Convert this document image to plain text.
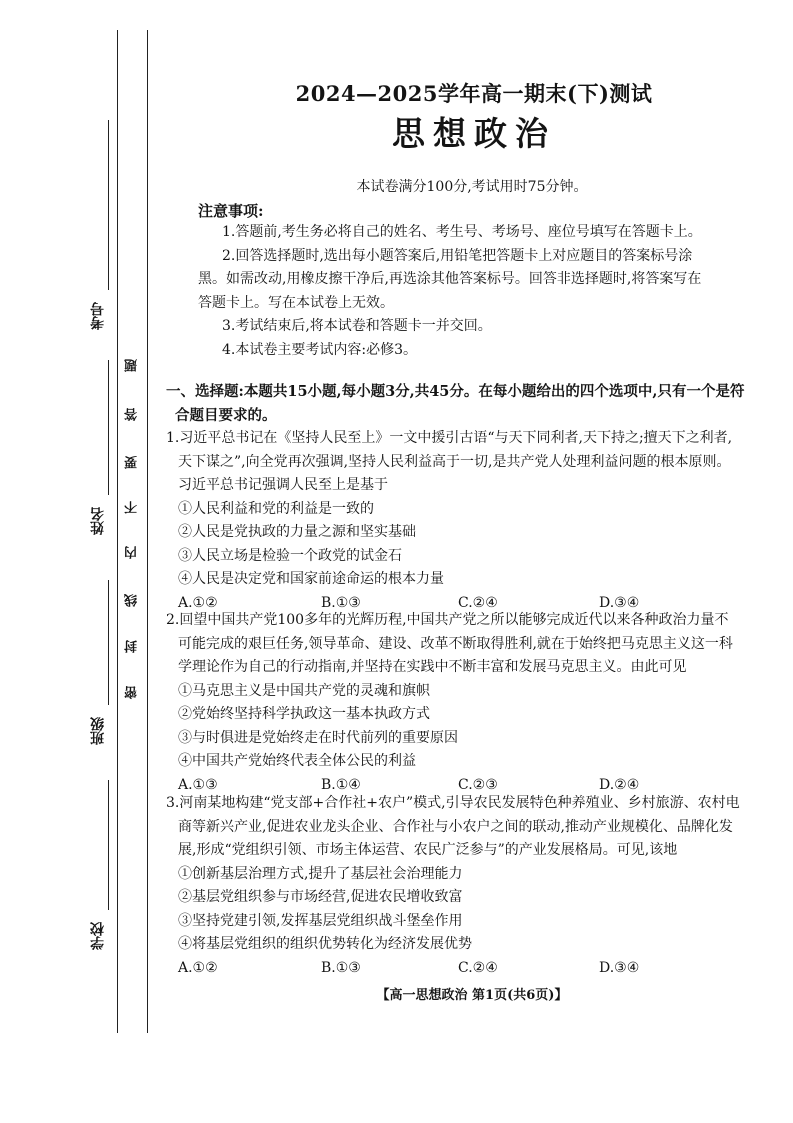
考号
姓名
班级
学校
题
答
要
不
内
线
封
密
2024—2025学年高一期末(下)测试
思想政治
本试卷满分100分,考试用时75分钟。
注意事项:

1.答题前,考生务必将自己的姓名、考生号、考场号、座位号填写在答题卡上。

2.回答选择题时,选出每小题答案后,用铅笔把答题卡上对应题目的答案标号涂

黑。如需改动,用橡皮擦干净后,再选涂其他答案标号。回答非选择题时,将答案写在

答题卡上。写在本试卷上无效。

3.考试结束后,将本试卷和答题卡一并交回。

4.本试卷主要考试内容:必修3。

一、选择题:本题共15小题,每小题3分,共45分。在每小题给出的四个选项中,只有一个是符
合题目要求的。

1.习近平总书记在《坚持人民至上》一文中援引古语“与天下同利者,天下持之;擅天下之利者,

天下谋之”,向全党再次强调,坚持人民利益高于一切,是共产党人处理利益问题的根本原则。

习近平总书记强调人民至上是基于

①人民利益和党的利益是一致的

②人民是党执政的力量之源和坚实基础

③人民立场是检验一个政党的试金石

④人民是决定党和国家前途命运的根本力量

A.①②	B.①③	C.②④	D.③④

2.回望中国共产党100多年的光辉历程,中国共产党之所以能够完成近代以来各种政治力量不

可能完成的艰巨任务,领导革命、建设、改革不断取得胜利,就在于始终把马克思主义这一科

学理论作为自己的行动指南,并坚持在实践中不断丰富和发展马克思主义。由此可见

①马克思主义是中国共产党的灵魂和旗帜

②党始终坚持科学执政这一基本执政方式

③与时俱进是党始终走在时代前列的重要原因

④中国共产党始终代表全体公民的利益

A.①③	B.①④	C.②③	D.②④

3.河南某地构建“党支部+合作社+农户”模式,引导农民发展特色种养殖业、乡村旅游、农村电

商等新兴产业,促进农业龙头企业、合作社与小农户之间的联动,推动产业规模化、品牌化发

展,形成“党组织引领、市场主体运营、农民广泛参与”的产业发展格局。可见,该地

①创新基层治理方式,提升了基层社会治理能力

②基层党组织参与市场经营,促进农民增收致富

③坚持党建引领,发挥基层党组织战斗堡垒作用

④将基层党组织的组织优势转化为经济发展优势

A.①②	B.①③	C.②④	D.③④
【高一思想政治 第1页(共6页)】
